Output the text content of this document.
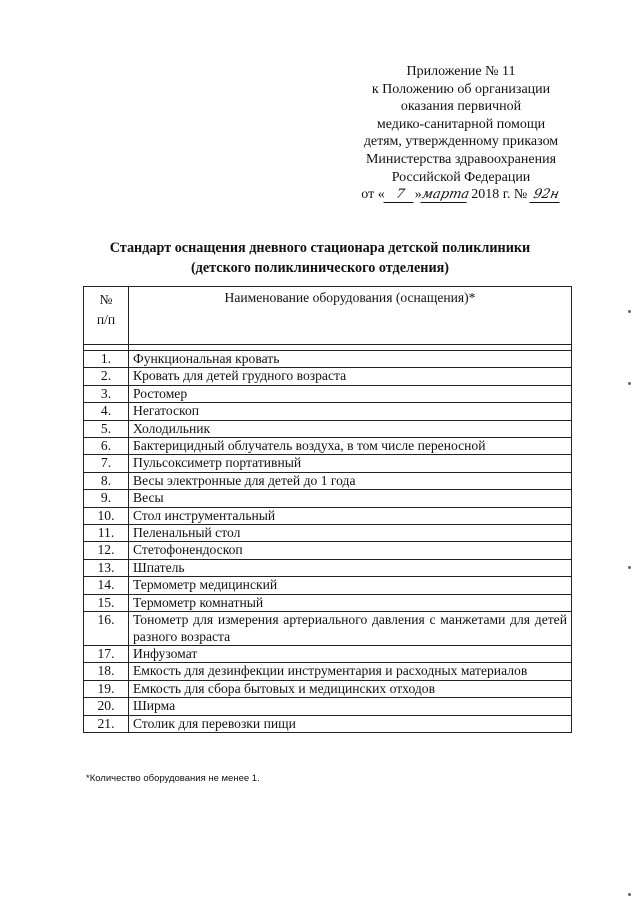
Приложение № 11
к Положению об организации
оказания первичной
медико-санитарной помощи
детям, утвержденному приказом
Министерства здравоохранения
Российской Федерации
от « 7 »марта 2018 г. № 92н
Стандарт оснащения дневного стационара детской поликлиники
(детского поликлинического отделения)
№
п/п	Наименование оборудования (оснащения)*

1.	Функциональная кровать
2.	Кровать для детей грудного возраста
3.	Ростомер
4.	Негатоскоп
5.	Холодильник
6.	Бактерицидный облучатель воздуха, в том числе переносной
7.	Пульсоксиметр портативный
8.	Весы электронные для детей до 1 года
9.	Весы
10.	Стол инструментальный
11.	Пеленальный стол
12.	Стетофонендоскоп
13.	Шпатель
14.	Термометр медицинский
15.	Термометр комнатный
16.	Тонометр для измерения артериального давления с манжетами для детей разного возраста
17.	Инфузомат
18.	Емкость для дезинфекции инструментария и расходных материалов
19.	Емкость для сбора бытовых и медицинских отходов
20.	Ширма
21.	Столик для перевозки пищи
*Количество оборудования не менее 1.
